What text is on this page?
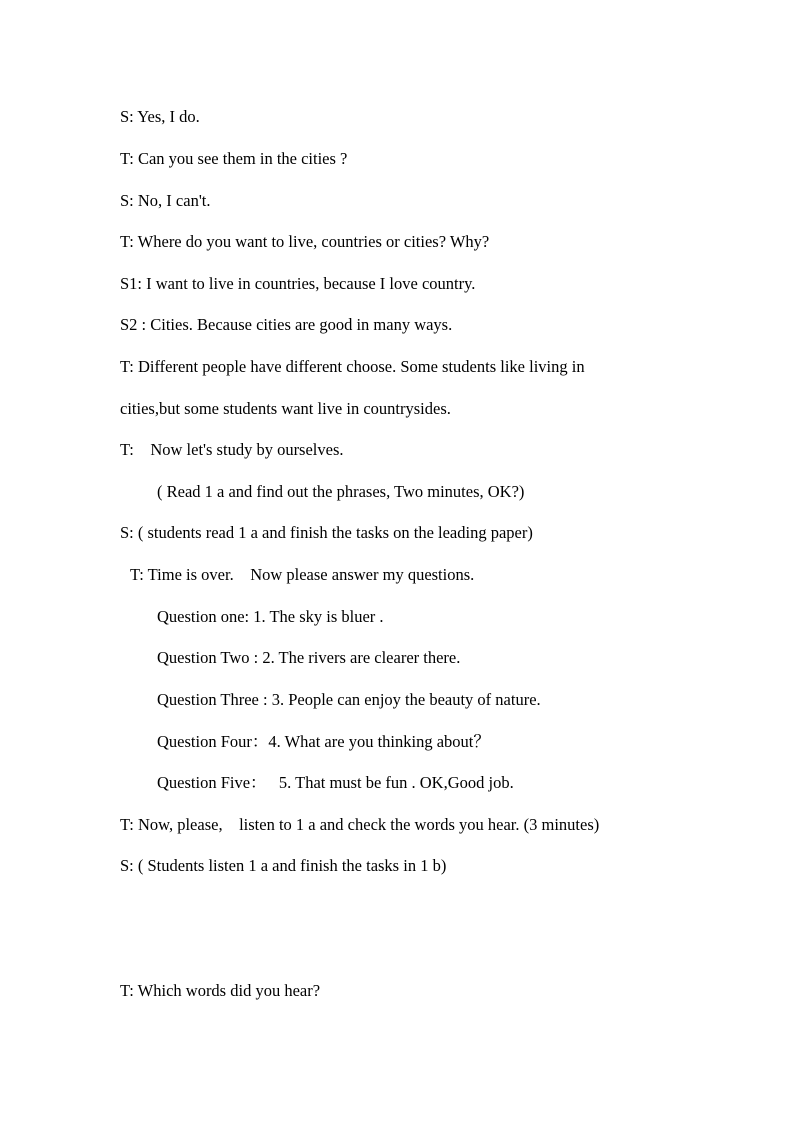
S: Yes, I do.
T: Can you see them in the cities ?
S: No, I can't.
T: Where do you want to live, countries or cities? Why?
S1: I want to live in countries, because I love country.
S2 : Cities. Because cities are good in many ways.
T: Different people have different choose. Some students like living in
cities,but some students want live in countrysides.
T:    Now let's study by ourselves.
( Read 1 a and find out the phrases, Two minutes, OK?)
S: ( students read 1 a and finish the tasks on the leading paper)
T: Time is over.    Now please answer my questions.
Question one: 1. The sky is bluer .
Question Two : 2. The rivers are clearer there.
Question Three : 3. People can enjoy the beauty of nature.
Question Four：4. What are you thinking about？
Question Five：   5. That must be fun . OK,Good job.
T: Now, please,    listen to 1 a and check the words you hear. (3 minutes)
S: ( Students listen 1 a and finish the tasks in 1 b)
T: Which words did you hear?
